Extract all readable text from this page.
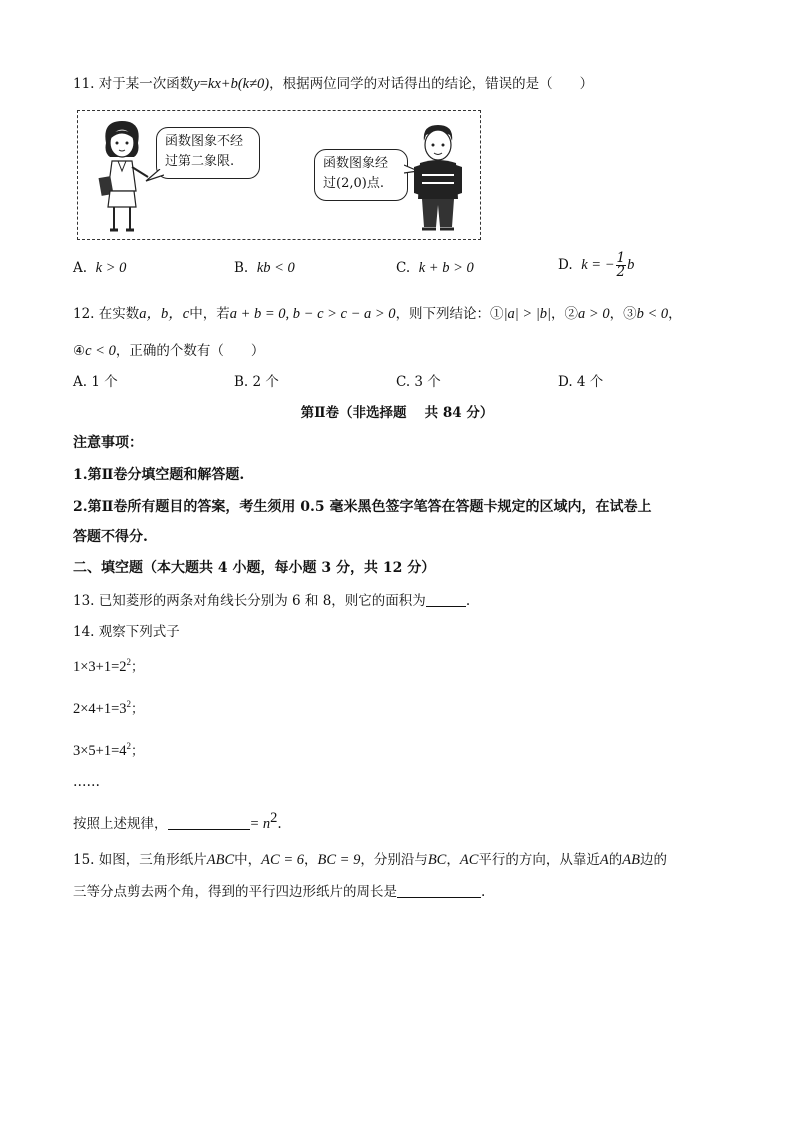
11. 对于某一次函数y=kx+b(k≠0)，根据两位同学的对话得出的结论，错误的是（　　）
函数图象不经
过第二象限.	函数图象经
过(2,0)点.
A. k > 0	B. kb < 0	C. k + b > 0	D. k = − $\frac{1}{2}$ b
12. 在实数a，b，c中，若a + b = 0, b − c > c − a > 0，则下列结论：①|a| > |b|，②a > 0，③b < 0，
④c < 0，正确的个数有（　　）
A. 1 个	B. 2 个	C. 3 个	D. 4 个
第Ⅱ卷（非选择题　 共 84 分）
注意事项：
1.第Ⅱ卷分填空题和解答题.
2.第Ⅱ卷所有题目的答案，考生须用 0.5 毫米黑色签字笔答在答题卡规定的区域内，在试卷上
答题不得分.
二、填空题（本大题共 4 小题，每小题 3 分，共 12 分）
13. 已知菱形的两条对角线长分别为 6 和 8，则它的面积为	.
14. 观察下列式子
$1\times 3+1=2^2$；
$2\times 4+1=3^2$；
$3\times 5+1=4^2$；
……
按照上述规律，	= $n^2$.
15. 如图，三角形纸片ABC中，AC = 6，BC = 9，分别沿与BC，AC平行的方向，从靠近A的AB边的
三等分点剪去两个角，得到的平行四边形纸片的周长是	.
